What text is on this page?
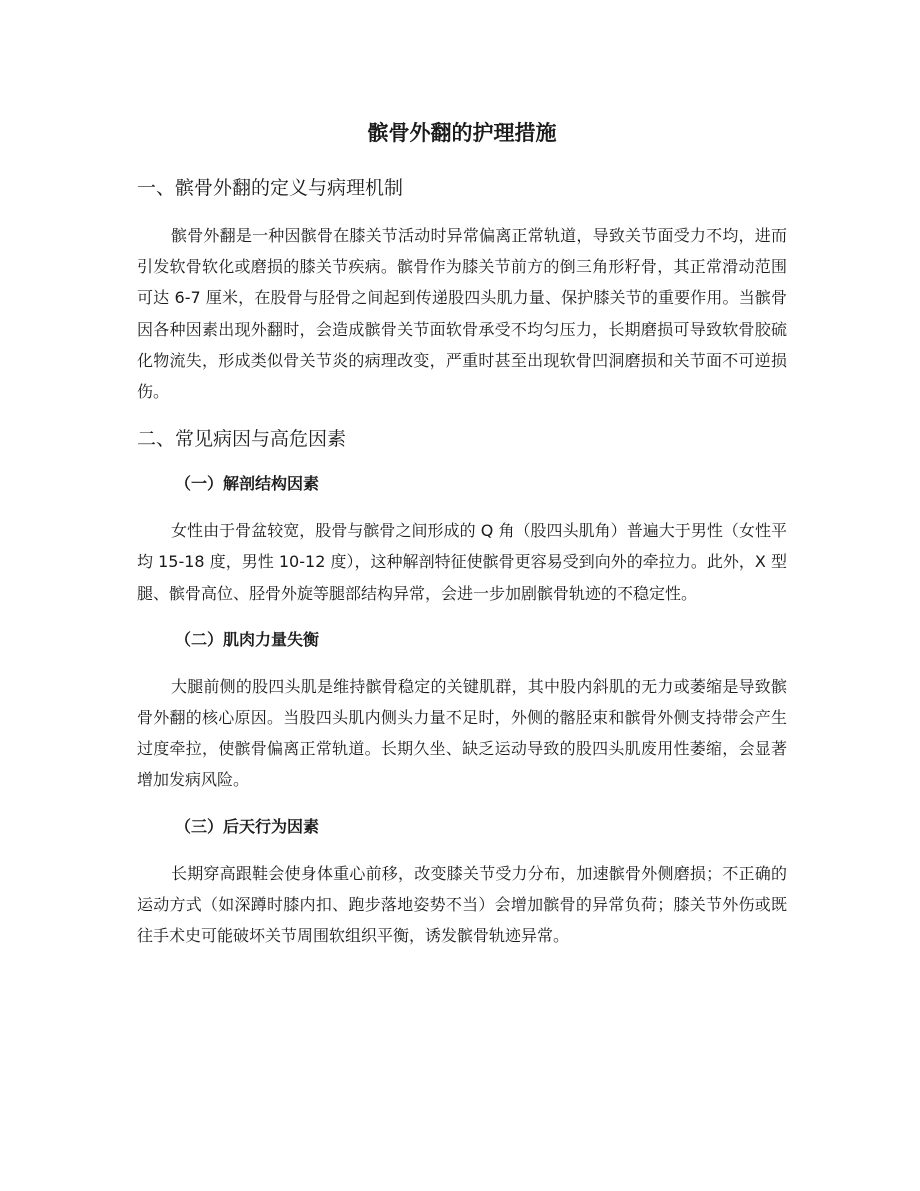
髌骨外翻的护理措施
一、髌骨外翻的定义与病理机制

髌骨外翻是一种因髌骨在膝关节活动时异常偏离正常轨道，导致关节面受力不均，进而引发软骨软化或磨损的膝关节疾病。髌骨作为膝关节前方的倒三角形籽骨，其正常滑动范围可达 6-7 厘米，在股骨与胫骨之间起到传递股四头肌力量、保护膝关节的重要作用。当髌骨因各种因素出现外翻时，会造成髌骨关节面软骨承受不均匀压力，长期磨损可导致软骨胶硫化物流失，形成类似骨关节炎的病理改变，严重时甚至出现软骨凹洞磨损和关节面不可逆损伤。

二、常见病因与高危因素
（一）解剖结构因素

女性由于骨盆较宽，股骨与髌骨之间形成的 Q 角（股四头肌角）普遍大于男性（女性平均 15-18 度，男性 10-12 度），这种解剖特征使髌骨更容易受到向外的牵拉力。此外，X 型腿、髌骨高位、胫骨外旋等腿部结构异常，会进一步加剧髌骨轨迹的不稳定性。

（二）肌肉力量失衡

大腿前侧的股四头肌是维持髌骨稳定的关键肌群，其中股内斜肌的无力或萎缩是导致髌骨外翻的核心原因。当股四头肌内侧头力量不足时，外侧的髂胫束和髌骨外侧支持带会产生过度牵拉，使髌骨偏离正常轨道。长期久坐、缺乏运动导致的股四头肌废用性萎缩，会显著增加发病风险。

（三）后天行为因素

长期穿高跟鞋会使身体重心前移，改变膝关节受力分布，加速髌骨外侧磨损；不正确的运动方式（如深蹲时膝内扣、跑步落地姿势不当）会增加髌骨的异常负荷；膝关节外伤或既往手术史可能破坏关节周围软组织平衡，诱发髌骨轨迹异常。
